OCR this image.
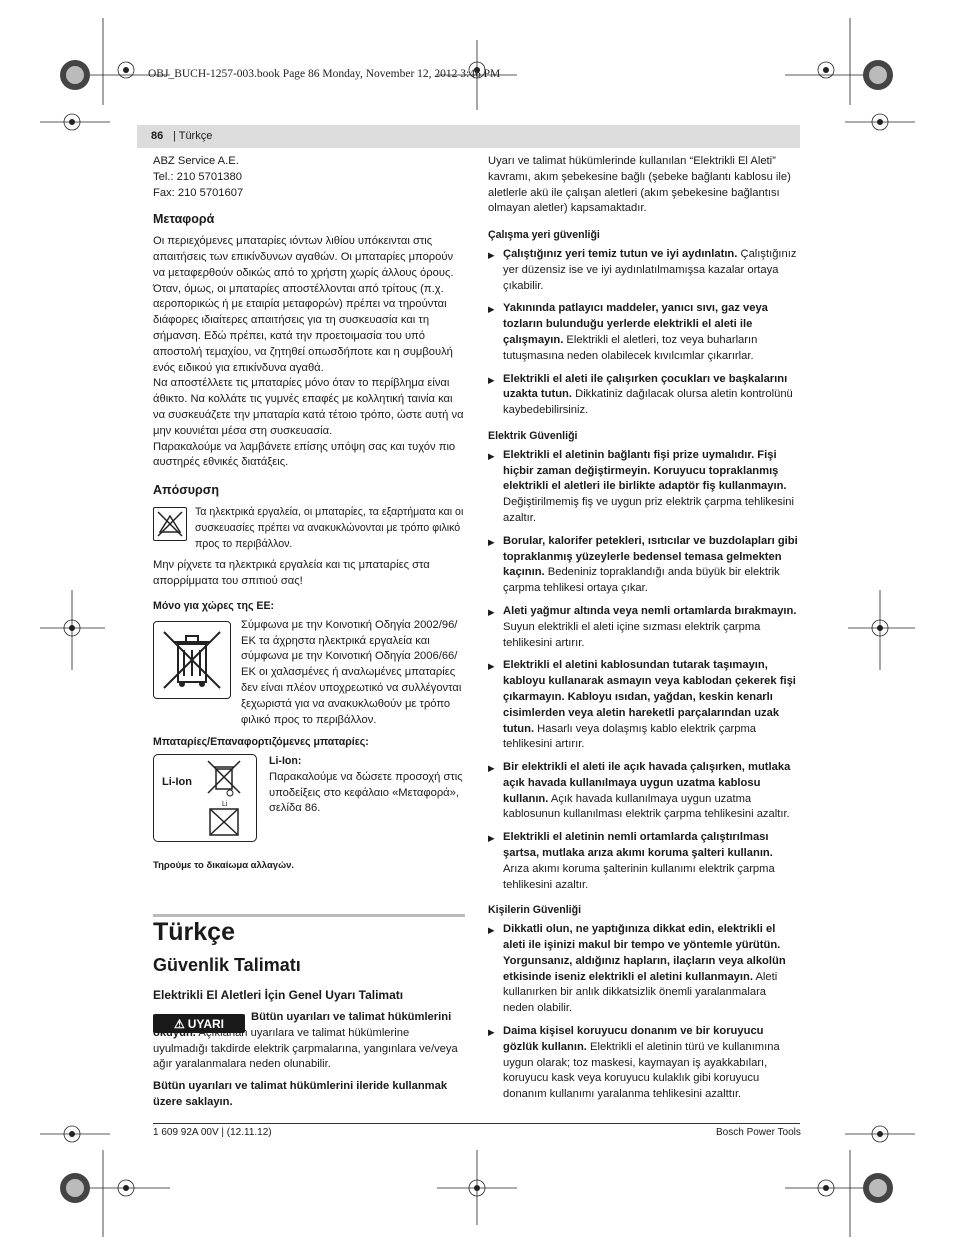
OBJ_BUCH-1257-003.book Page 86 Monday, November 12, 2012 3:46 PM
86 | Türkçe

ABZ Service A.E.

Tel.: 210 5701380

Fax: 210 5701607

Μεταφορά

Οι περιεχόμενες μπαταρίες ιόντων λιθίου υπόκεινται στις απαιτήσεις των επικίνδυνων αγαθών. Οι μπαταρίες μπορούν να μεταφερθούν οδικώς από το χρήστη χωρίς άλλους όρους.

Όταν, όμως, οι μπαταρίες αποστέλλονται από τρίτους (π.χ. αεροπορικώς ή με εταιρία μεταφορών) πρέπει να τηρούνται διάφορες ιδιαίτερες απαιτήσεις για τη συσκευασία και τη σήμανση. Εδώ πρέπει, κατά την προετοιμασία του υπό αποστολή τεμαχίου, να ζητηθεί οπωσδήποτε και η συμβουλή ενός ειδικού για επικίνδυνα αγαθά.

Να αποστέλλετε τις μπαταρίες μόνο όταν το περίβλημα είναι άθικτο. Να κολλάτε τις γυμνές επαφές με κολλητική ταινία και να συσκευάζετε την μπαταρία κατά τέτοιο τρόπο, ώστε αυτή να μην κουνιέται μέσα στη συσκευασία.

Παρακαλούμε να λαμβάνετε επίσης υπόψη σας και τυχόν πιο αυστηρές εθνικές διατάξεις.

Απόσυρση

Τα ηλεκτρικά εργαλεία, οι μπαταρίες, τα εξαρτήματα και οι συσκευασίες πρέπει να ανακυκλώνονται με τρόπο φιλικό προς το περιβάλλον.

Μην ρίχνετε τα ηλεκτρικά εργαλεία και τις μπαταρίες στα απορρίμματα του σπιτιού σας!

Μόνο για χώρες της ΕΕ:

Σύμφωνα με την Κοινοτική Οδηγία 2002/96/ΕΚ τα άχρηστα ηλεκτρικά εργαλεία και σύμφωνα με την Κοινοτική Οδηγία 2006/66/ΕΚ οι χαλασμένες ή αναλωμένες μπαταρίες δεν είναι πλέον υποχρεωτικό να συλλέγονται ξεχωριστά για να ανακυκλωθούν με τρόπο φιλικό προς το περιβάλλον.

Μπαταρίες/Επαναφορτιζόμενες μπαταρίες:

Li-Ion
Li

Li-Ion:

Παρακαλούμε να δώσετε προσοχή στις υποδείξεις στο κεφάλαιο «Μεταφορά», σελίδα 86.

Τηρούμε το δικαίωμα αλλαγών.

Türkçe
Güvenlik Talimatı

Elektrikli El Aletleri İçin Genel Uyarı Talimatı

⚠ UYARI	Bütün uyarıları ve talimat hükümlerini okuyun. Açıklanan uyarılara ve talimat hükümlerine uyulmadığı takdirde elektrik çarpmalarına, yangınlara ve/veya ağır yaralanmalara neden olunabilir.

Bütün uyarıları ve talimat hükümlerini ileride kullanmak üzere saklayın.

Uyarı ve talimat hükümlerinde kullanılan “Elektrikli El Aleti” kavramı, akım şebekesine bağlı (şebeke bağlantı kablosu ile) aletlerle akü ile çalışan aletleri (akım şebekesine bağlantısı olmayan aletler) kapsamaktadır.

Çalışma yeri güvenliği

▶ Çalıştığınız yeri temiz tutun ve iyi aydınlatın. Çalıştığınız yer düzensiz ise ve iyi aydınlatılmamışsa kazalar ortaya çıkabilir.

▶ Yakınında patlayıcı maddeler, yanıcı sıvı, gaz veya tozların bulunduğu yerlerde elektrikli el aleti ile çalışmayın. Elektrikli el aletleri, toz veya buharların tutuşmasına neden olabilecek kıvılcımlar çıkarırlar.

▶ Elektrikli el aleti ile çalışırken çocukları ve başkalarını uzakta tutun. Dikkatiniz dağılacak olursa aletin kontrolünü kaybedebilirsiniz.

Elektrik Güvenliği

▶ Elektrikli el aletinin bağlantı fişi prize uymalıdır. Fişi hiçbir zaman değiştirmeyin. Koruyucu topraklanmış elektrikli el aletleri ile birlikte adaptör fiş kullanmayın. Değiştirilmemiş fiş ve uygun priz elektrik çarpma tehlikesini azaltır.

▶ Borular, kalorifer petekleri, ısıtıcılar ve buzdolapları gibi topraklanmış yüzeylerle bedensel temasa gelmekten kaçının. Bedeniniz topraklandığı anda büyük bir elektrik çarpma tehlikesi ortaya çıkar.

▶ Aleti yağmur altında veya nemli ortamlarda bırakmayın. Suyun elektrikli el aleti içine sızması elektrik çarpma tehlikesini artırır.

▶ Elektrikli el aletini kablosundan tutarak taşımayın, kabloyu kullanarak asmayın veya kablodan çekerek fişi çıkarmayın. Kabloyu ısıdan, yağdan, keskin kenarlı cisimlerden veya aletin hareketli parçalarından uzak tutun. Hasarlı veya dolaşmış kablo elektrik çarpma tehlikesini artırır.

▶ Bir elektrikli el aleti ile açık havada çalışırken, mutlaka açık havada kullanılmaya uygun uzatma kablosu kullanın. Açık havada kullanılmaya uygun uzatma kablosunun kullanılması elektrik çarpma tehlikesini azaltır.

▶ Elektrikli el aletinin nemli ortamlarda çalıştırılması şartsa, mutlaka arıza akımı koruma şalteri kullanın. Arıza akımı koruma şalterinin kullanımı elektrik çarpma tehlikesini azaltır.

Kişilerin Güvenliği

▶ Dikkatli olun, ne yaptığınıza dikkat edin, elektrikli el aleti ile işinizi makul bir tempo ve yöntemle yürütün. Yorgunsanız, aldığınız hapların, ilaçların veya alkolün etkisinde iseniz elektrikli el aletini kullanmayın. Aleti kullanırken bir anlık dikkatsizlik önemli yaralanmalara neden olabilir.

▶ Daima kişisel koruyucu donanım ve bir koruyucu gözlük kullanın. Elektrikli el aletinin türü ve kullanımına uygun olarak; toz maskesi, kaymayan iş ayakkabıları, koruyucu kask veya koruyucu kulaklık gibi koruyucu donanım kullanımı yaralanma tehlikesini azalttır.

1 609 92A 00V | (12.11.12)	Bosch Power Tools
